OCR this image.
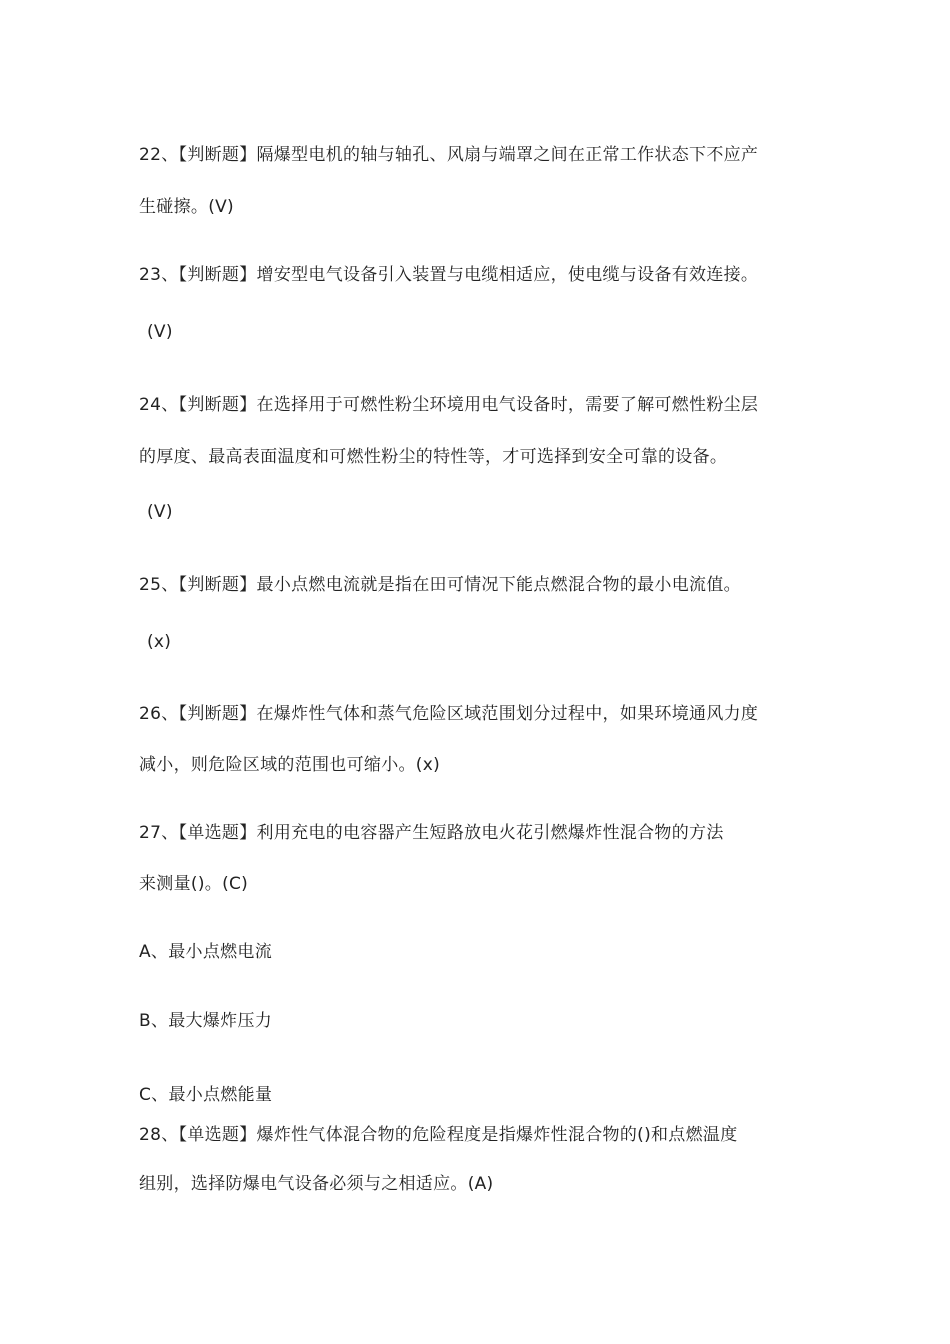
22、【判断题】隔爆型电机的轴与轴孔、风扇与端罩之间在正常工作状态下不应产
生碰擦。(V)
23、【判断题】增安型电气设备引入装置与电缆相适应，使电缆与设备有效连接。
(V)
24、【判断题】在选择用于可燃性粉尘环境用电气设备时，需要了解可燃性粉尘层
的厚度、最高表面温度和可燃性粉尘的特性等，才可选择到安全可靠的设备。
(V)
25、【判断题】最小点燃电流就是指在田可情况下能点燃混合物的最小电流值。
(x)
26、【判断题】在爆炸性气体和蒸气危险区域范围划分过程中，如果环境通风力度
减小，则危险区域的范围也可缩小。(x)
27、【单选题】利用充电的电容器产生短路放电火花引燃爆炸性混合物的方法
来测量()。(C)
A、最小点燃电流
B、最大爆炸压力
C、最小点燃能量
28、【单选题】爆炸性气体混合物的危险程度是指爆炸性混合物的()和点燃温度
组别，选择防爆电气设备必须与之相适应。(A)
